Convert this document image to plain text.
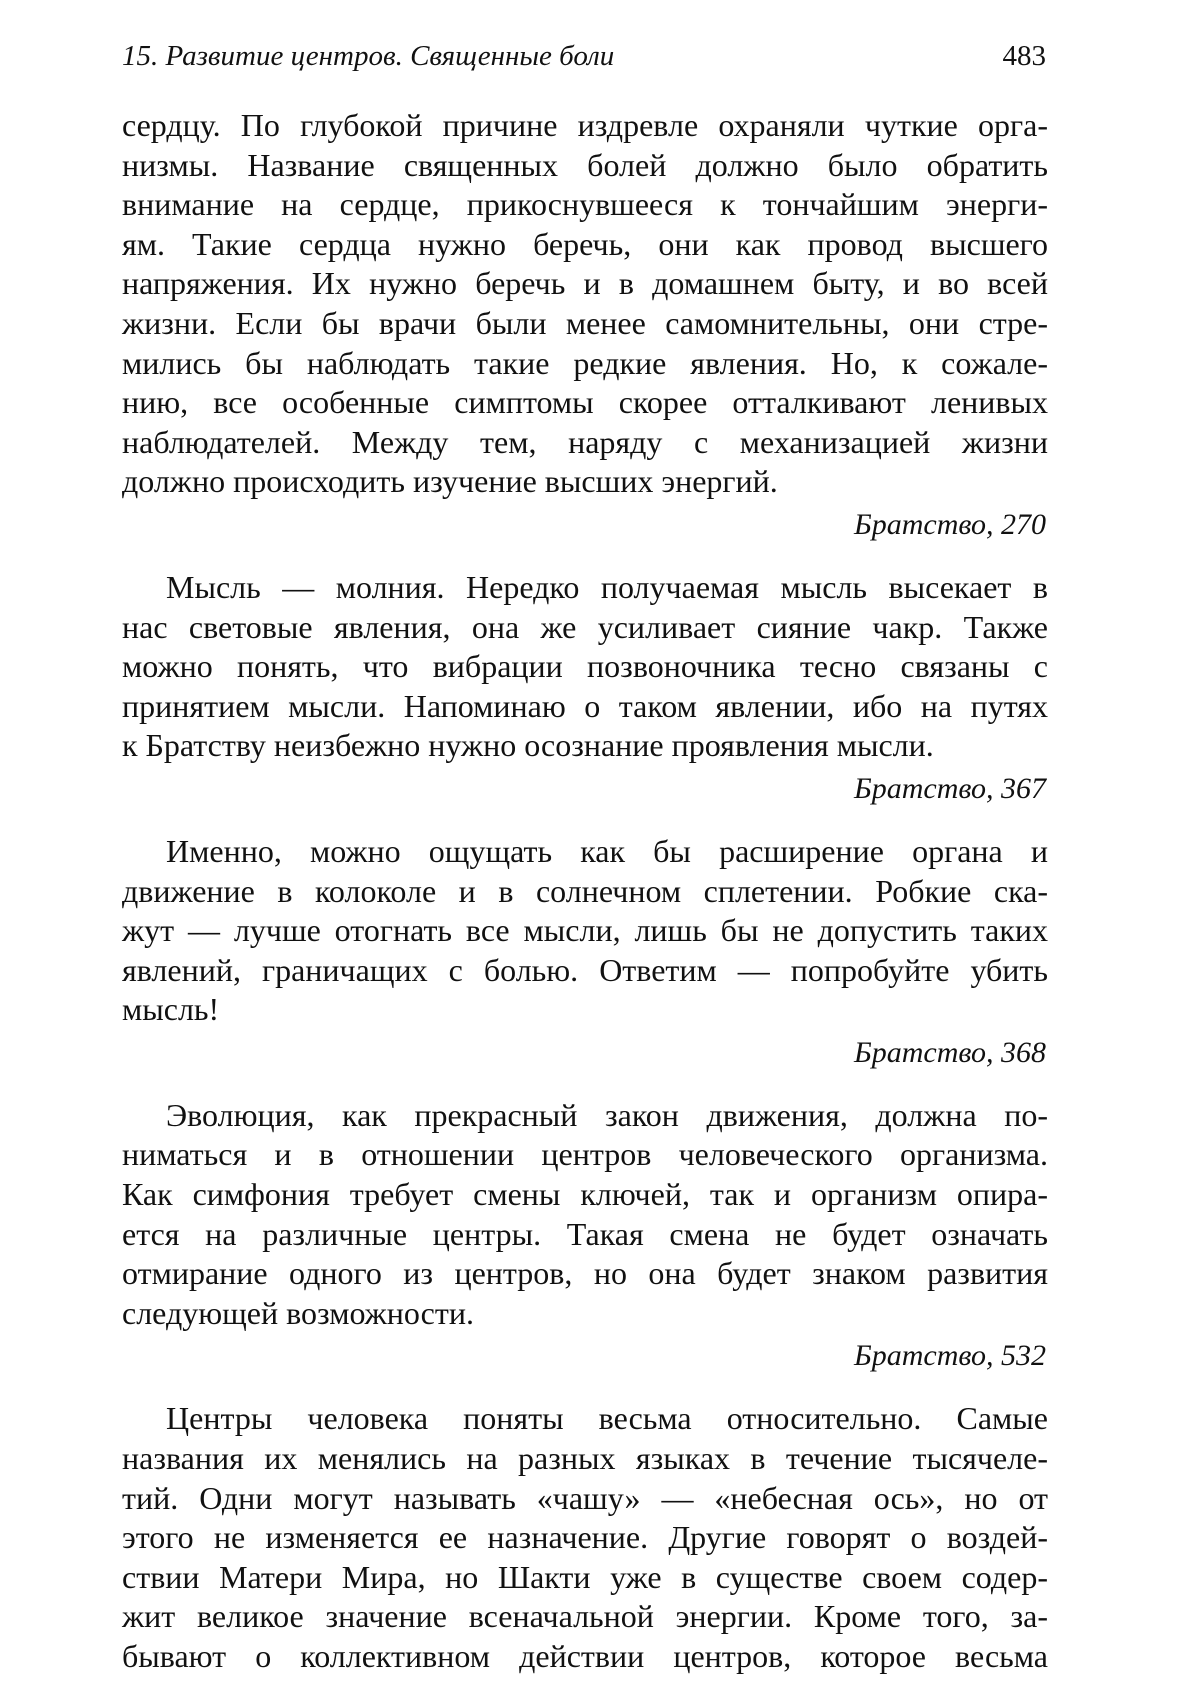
15. Развитие центров. Священные боли	483
сердцу. По глубокой причине издревле охраняли чуткие орга-
низмы. Название священных болей должно было обратить
внимание на сердце, прикоснувшееся к тончайшим энерги-
ям. Такие сердца нужно беречь, они как провод высшего
напряжения. Их нужно беречь и в домашнем быту, и во всей
жизни. Если бы врачи были менее самомнительны, они стре-
мились бы наблюдать такие редкие явления. Но, к сожале-
нию, все особенные симптомы скорее отталкивают ленивых
наблюдателей. Между тем, наряду с механизацией жизни
должно происходить изучение высших энергий.
Братство, 270
Мысль — молния. Нередко получаемая мысль высекает в
нас световые явления, она же усиливает сияние чакр. Также
можно понять, что вибрации позвоночника тесно связаны с
принятием мысли. Напоминаю о таком явлении, ибо на путях
к Братству неизбежно нужно осознание проявления мысли.
Братство, 367
Именно, можно ощущать как бы расширение органа и
движение в колоколе и в солнечном сплетении. Робкие ска-
жут — лучше отогнать все мысли, лишь бы не допустить таких
явлений, граничащих с болью. Ответим — попробуйте убить
мысль!
Братство, 368
Эволюция, как прекрасный закон движения, должна по-
ниматься и в отношении центров человеческого организма.
Как симфония требует смены ключей, так и организм опира-
ется на различные центры. Такая смена не будет означать
отмирание одного из центров, но она будет знаком развития
следующей возможности.
Братство, 532
Центры человека поняты весьма относительно. Самые
названия их менялись на разных языках в течение тысячеле-
тий. Одни могут называть «чашу» — «небесная ось», но от
этого не изменяется ее назначение. Другие говорят о воздей-
ствии Матери Мира, но Шакти уже в существе своем содер-
жит великое значение всеначальной энергии. Кроме того, за-
бывают о коллективном действии центров, которое весьма
